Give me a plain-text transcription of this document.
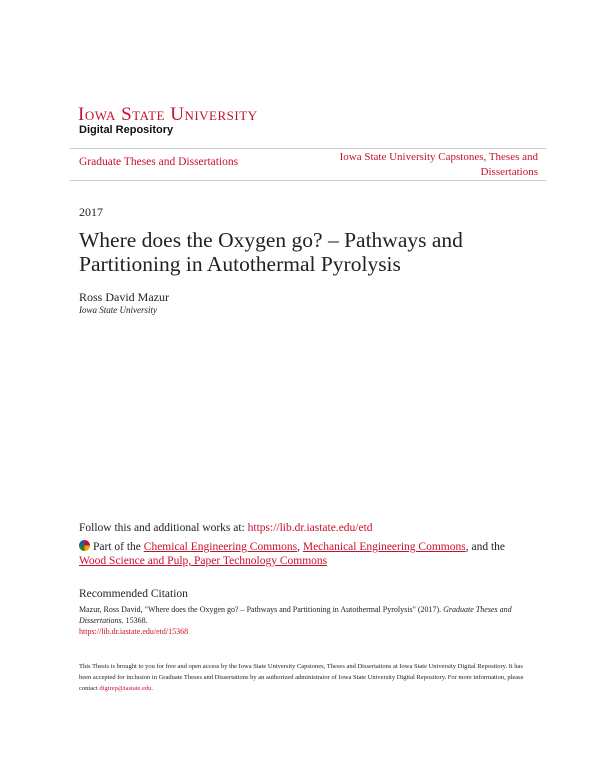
Iowa State University
Digital Repository
Graduate Theses and Dissertations	Iowa State University Capstones, Theses and Dissertations
2017
Where does the Oxygen go? – Pathways and Partitioning in Autothermal Pyrolysis
Ross David Mazur
Iowa State University
Follow this and additional works at: https://lib.dr.iastate.edu/etd
Part of the Chemical Engineering Commons, Mechanical Engineering Commons, and the Wood Science and Pulp, Paper Technology Commons
Recommended Citation
Mazur, Ross David, "Where does the Oxygen go? – Pathways and Partitioning in Autothermal Pyrolysis" (2017). Graduate Theses and Dissertations. 15368.
https://lib.dr.iastate.edu/etd/15368
This Thesis is brought to you for free and open access by the Iowa State University Capstones, Theses and Dissertations at Iowa State University Digital Repository. It has been accepted for inclusion in Graduate Theses and Dissertations by an authorized administrator of Iowa State University Digital Repository. For more information, please contact digirep@iastate.edu.
